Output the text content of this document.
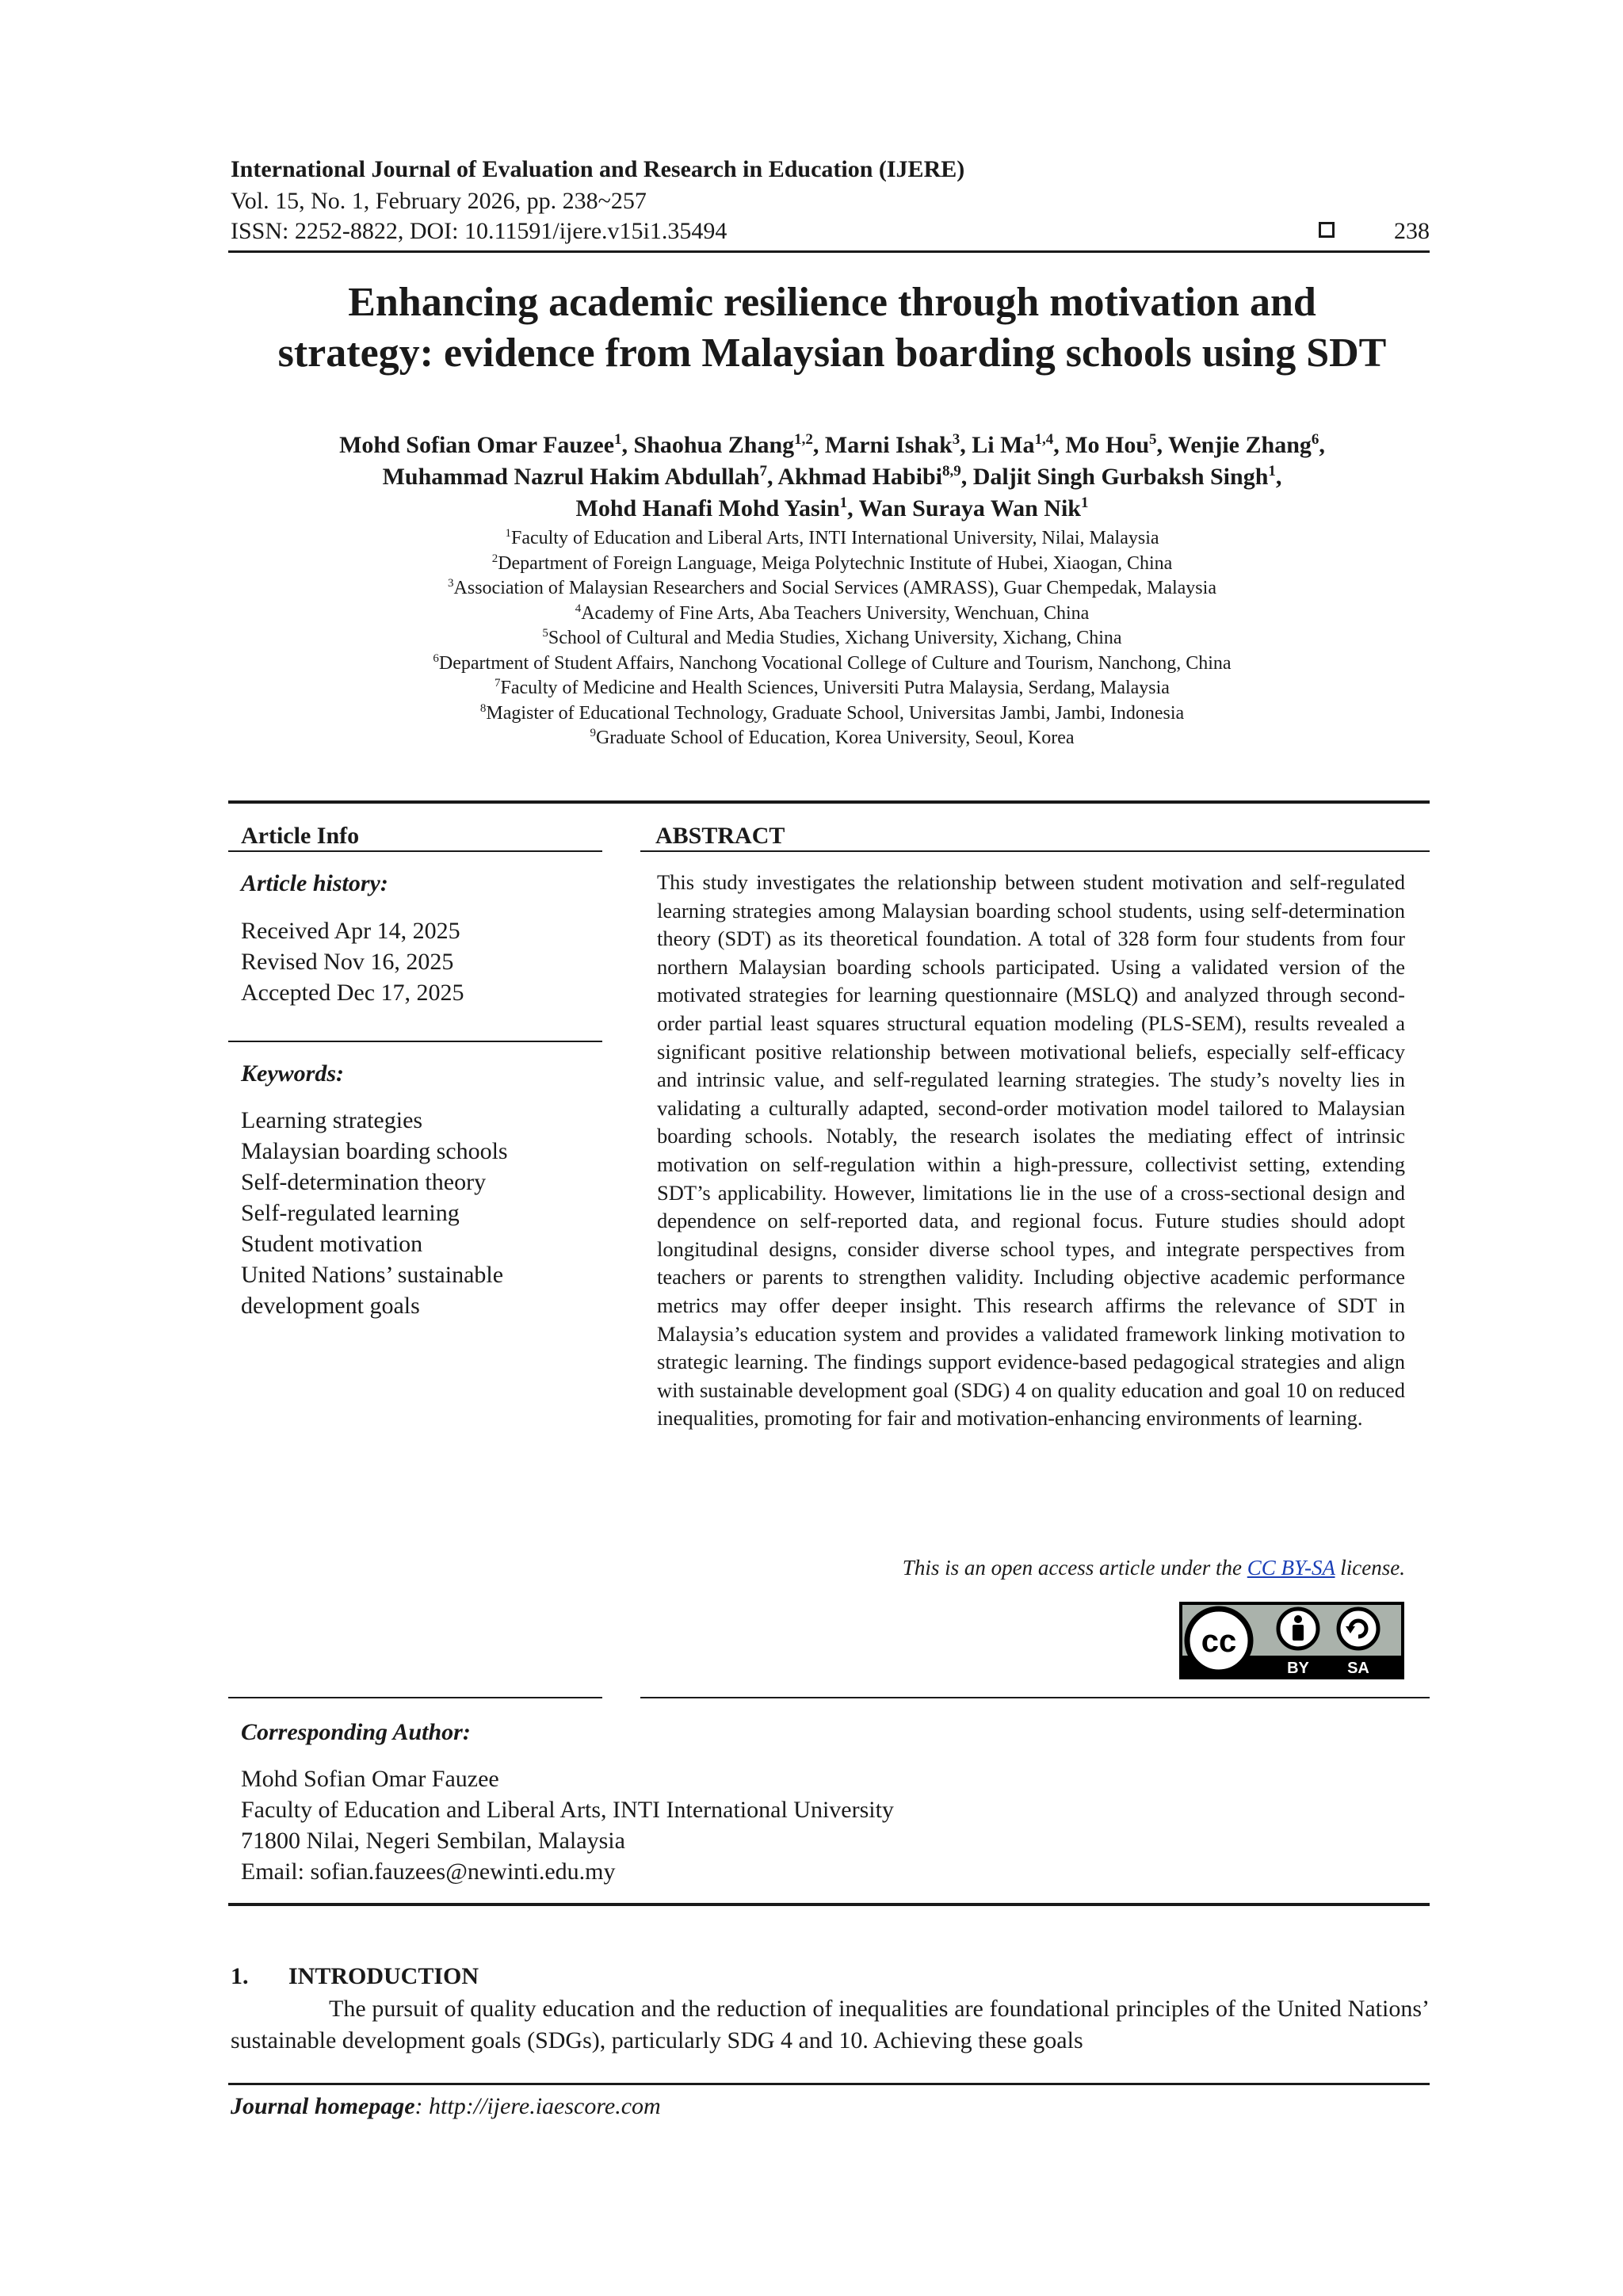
International Journal of Evaluation and Research in Education (IJERE)
Vol. 15, No. 1, February 2026, pp. 238~257
ISSN: 2252-8822, DOI: 10.11591/ijere.v15i1.35494	238
Enhancing academic resilience through motivation and
strategy: evidence from Malaysian boarding schools using SDT
Mohd Sofian Omar Fauzee$^1$, Shaohua Zhang$^{1,2}$, Marni Ishak$^3$, Li Ma$^{1,4}$, Mo Hou$^5$, Wenjie Zhang$^6$,
Muhammad Nazrul Hakim Abdullah$^7$, Akhmad Habibi$^{8,9}$, Daljit Singh Gurbaksh Singh$^1$,
Mohd Hanafi Mohd Yasin$^1$, Wan Suraya Wan Nik$^1$
$^1$Faculty of Education and Liberal Arts, INTI International University, Nilai, Malaysia
$^2$Department of Foreign Language, Meiga Polytechnic Institute of Hubei, Xiaogan, China
$^3$Association of Malaysian Researchers and Social Services (AMRASS), Guar Chempedak, Malaysia
$^4$Academy of Fine Arts, Aba Teachers University, Wenchuan, China
$^5$School of Cultural and Media Studies, Xichang University, Xichang, China
$^6$Department of Student Affairs, Nanchong Vocational College of Culture and Tourism, Nanchong, China
$^7$Faculty of Medicine and Health Sciences, Universiti Putra Malaysia, Serdang, Malaysia
$^8$Magister of Educational Technology, Graduate School, Universitas Jambi, Jambi, Indonesia
$^9$Graduate School of Education, Korea University, Seoul, Korea
Article Info
Article history:
Received Apr 14, 2025
Revised Nov 16, 2025
Accepted Dec 17, 2025
Keywords:
Learning strategies
Malaysian boarding schools
Self-determination theory
Self-regulated learning
Student motivation
United Nations’ sustainable
development goals
ABSTRACT
This study investigates the relationship between student motivation and self-regulated learning strategies among Malaysian boarding school students, using self-determination theory (SDT) as its theoretical foundation. A total of 328 form four students from four northern Malaysian boarding schools participated. Using a validated version of the motivated strategies for learning questionnaire (MSLQ) and analyzed through second-order partial least squares structural equation modeling (PLS-SEM), results revealed a significant positive relationship between motivational beliefs, especially self-efficacy and intrinsic value, and self-regulated learning strategies. The study’s novelty lies in validating a culturally adapted, second-order motivation model tailored to Malaysian boarding schools. Notably, the research isolates the mediating effect of intrinsic motivation on self-regulation within a high-pressure, collectivist setting, extending SDT’s applicability. However, limitations lie in the use of a cross-sectional design and dependence on self-reported data, and regional focus. Future studies should adopt longitudinal designs, consider diverse school types, and integrate perspectives from teachers or parents to strengthen validity. Including objective academic performance metrics may offer deeper insight. This research affirms the relevance of SDT in Malaysia’s education system and provides a validated framework linking motivation to strategic learning. The findings support evidence-based pedagogical strategies and align with sustainable development goal (SDG) 4 on quality education and goal 10 on reduced inequalities, promoting for fair and motivation-enhancing environments of learning.
This is an open access article under the CC BY-SA license.
cc
BY SA
Corresponding Author:
Mohd Sofian Omar Fauzee
Faculty of Education and Liberal Arts, INTI International University
71800 Nilai, Negeri Sembilan, Malaysia
Email: sofian.fauzees@newinti.edu.my
1. INTRODUCTION
The pursuit of quality education and the reduction of inequalities are foundational principles of the United Nations’ sustainable development goals (SDGs), particularly SDG 4 and 10. Achieving these goals
Journal homepage: http://ijere.iaescore.com
